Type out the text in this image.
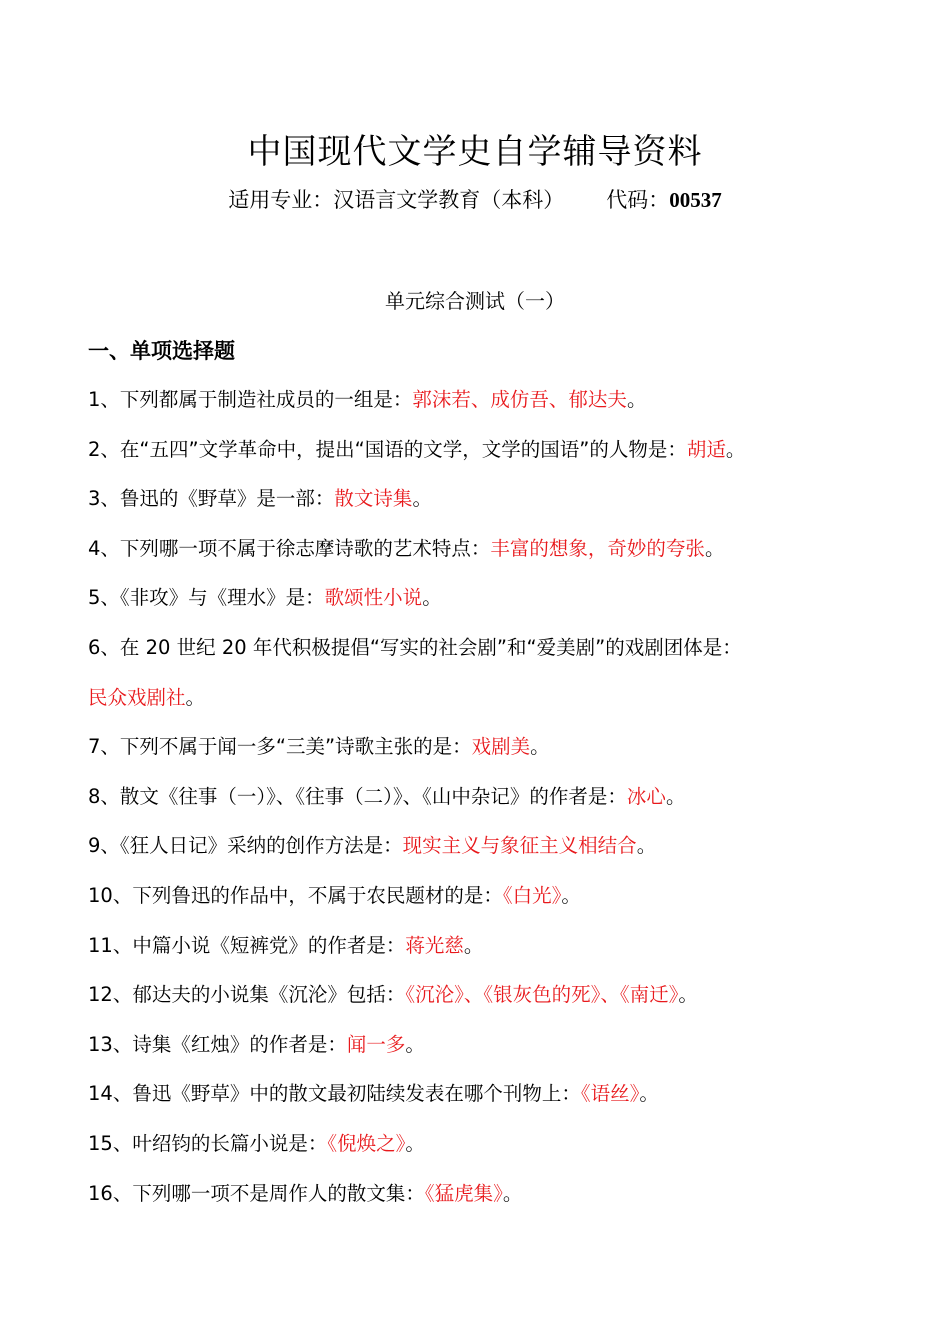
中国现代文学史自学辅导资料
适用专业：汉语言文学教育（本科） 代码：00537
单元综合测试（一）
一、单项选择题
1、下列都属于制造社成员的一组是：郭沫若、成仿吾、郁达夫。
2、在“五四”文学革命中，提出“国语的文学，文学的国语”的人物是：胡适。
3、鲁迅的《野草》是一部：散文诗集。
4、下列哪一项不属于徐志摩诗歌的艺术特点：丰富的想象，奇妙的夸张。
5、《非攻》与《理水》是：歌颂性小说。
6、在 20 世纪 20 年代积极提倡“写实的社会剧”和“爱美剧”的戏剧团体是：
民众戏剧社。
7、下列不属于闻一多“三美”诗歌主张的是：戏剧美。
8、散文《往事（一）》、《往事（二）》、《山中杂记》的作者是：冰心。
9、《狂人日记》采纳的创作方法是：现实主义与象征主义相结合。
10、下列鲁迅的作品中，不属于农民题材的是：《白光》。
11、中篇小说《短裤党》的作者是：蒋光慈。
12、郁达夫的小说集《沉沦》包括：《沉沦》、《银灰色的死》、《南迁》。
13、诗集《红烛》的作者是：闻一多。
14、鲁迅《野草》中的散文最初陆续发表在哪个刊物上：《语丝》。
15、叶绍钧的长篇小说是：《倪焕之》。
16、下列哪一项不是周作人的散文集：《猛虎集》。
